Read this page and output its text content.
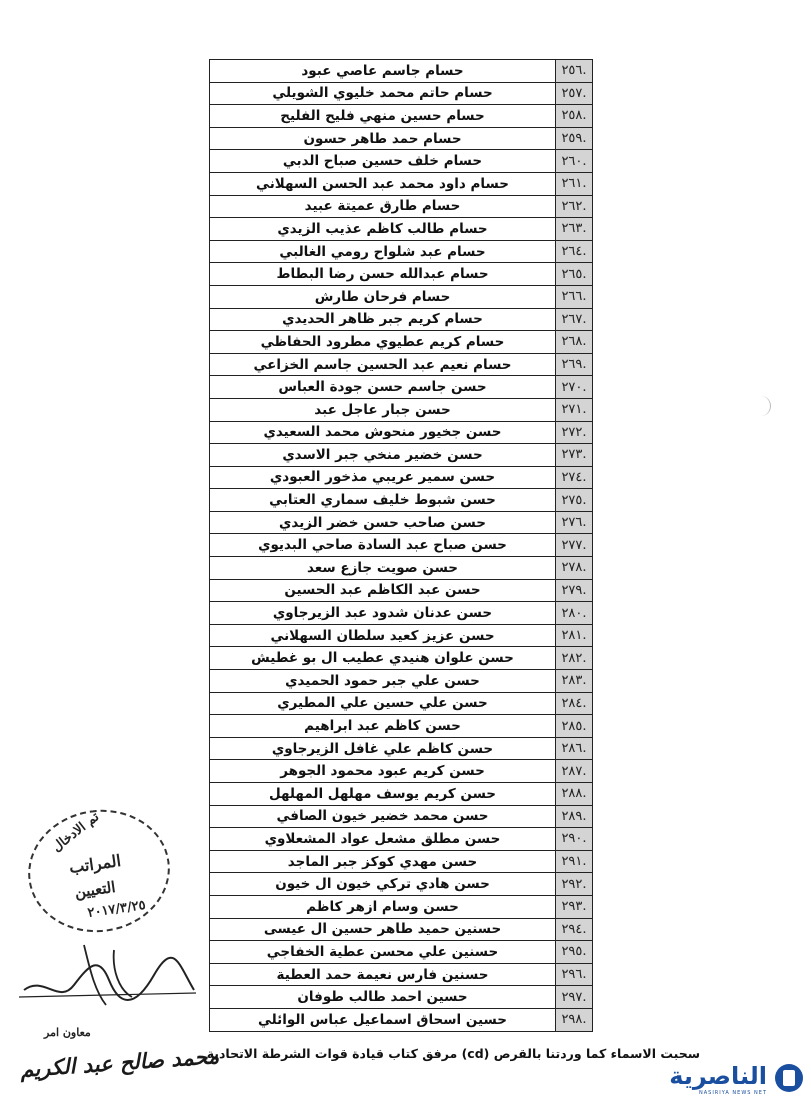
.٢٥٦
حسام جاسم عاصي عبود
.٢٥٧
حسام حاتم محمد خليوي الشويلي
.٢٥٨
حسام حسين منهي فليح الفليح
.٢٥٩
حسام حمد طاهر حسون
.٢٦٠
حسام خلف حسين صباح الدبي
.٢٦١
حسام داود محمد عبد الحسن السهلاني
.٢٦٢
حسام طارق عميتة عبيد
.٢٦٣
حسام طالب كاظم عذيب الزيدي
.٢٦٤
حسام عبد شلواح رومي الغالبي
.٢٦٥
حسام عبدالله حسن رضا البطاط
.٢٦٦
حسام فرحان طارش
.٢٦٧
حسام كريم جبر ظاهر الحديدي
.٢٦٨
حسام كريم عطيوي مطرود الحفاظي
.٢٦٩
حسام نعيم عبد الحسين جاسم الخزاعي
.٢٧٠
حسن جاسم حسن جودة العباس
.٢٧١
حسن جبار عاجل عبد
.٢٧٢
حسن جخيور منحوش محمد السعيدي
.٢٧٣
حسن خضير منخي جبر الاسدي
.٢٧٤
حسن سمير عريبي مذخور العبودي
.٢٧٥
حسن شبوط خليف سماري العتابي
.٢٧٦
حسن صاحب حسن خضر الزيدي
.٢٧٧
حسن صباح عبد السادة صاحي البديوي
.٢٧٨
حسن صويت جازع سعد
.٢٧٩
حسن عبد الكاظم عبد الحسين
.٢٨٠
حسن عدنان شدود عبد الزيرجاوي
.٢٨١
حسن عزيز كعيد سلطان السهلاني
.٢٨٢
حسن علوان هنيدي عطيب ال بو غطيش
.٢٨٣
حسن علي جبر حمود الحميدي
.٢٨٤
حسن علي حسين علي المطيري
.٢٨٥
حسن كاظم عبد ابراهيم
.٢٨٦
حسن كاظم علي غافل الزيرجاوي
.٢٨٧
حسن كريم عبود محمود الجوهر
.٢٨٨
حسن كريم يوسف مهلهل المهلهل
.٢٨٩
حسن محمد خضير خيون الصافي
.٢٩٠
حسن مطلق مشعل عواد المشعلاوي
.٢٩١
حسن مهدي كوكز جبر الماجد
.٢٩٢
حسن هادي تركي خيون ال خيون
.٢٩٣
حسن وسام ازهر كاظم
.٢٩٤
حسنين حميد طاهر حسين ال عيسى
.٢٩٥
حسنين علي محسن عطية الخفاجي
.٢٩٦
حسنين فارس نعيمة حمد العطية
.٢٩٧
حسين احمد طالب طوفان
.٢٩٨
حسين اسحاق اسماعيل عباس الوائلي
تم الادخال
المراتب
التعيين
٢٠١٧/٣/٢٥
معاون امر
محمد صالح عبد الكريم
سحبت الاسماء كما وردتنا بالقرص (cd) مرفق كتاب قيادة قوات الشرطة الاتحادية
الناصرية
NASIRIYA NEWS NET
